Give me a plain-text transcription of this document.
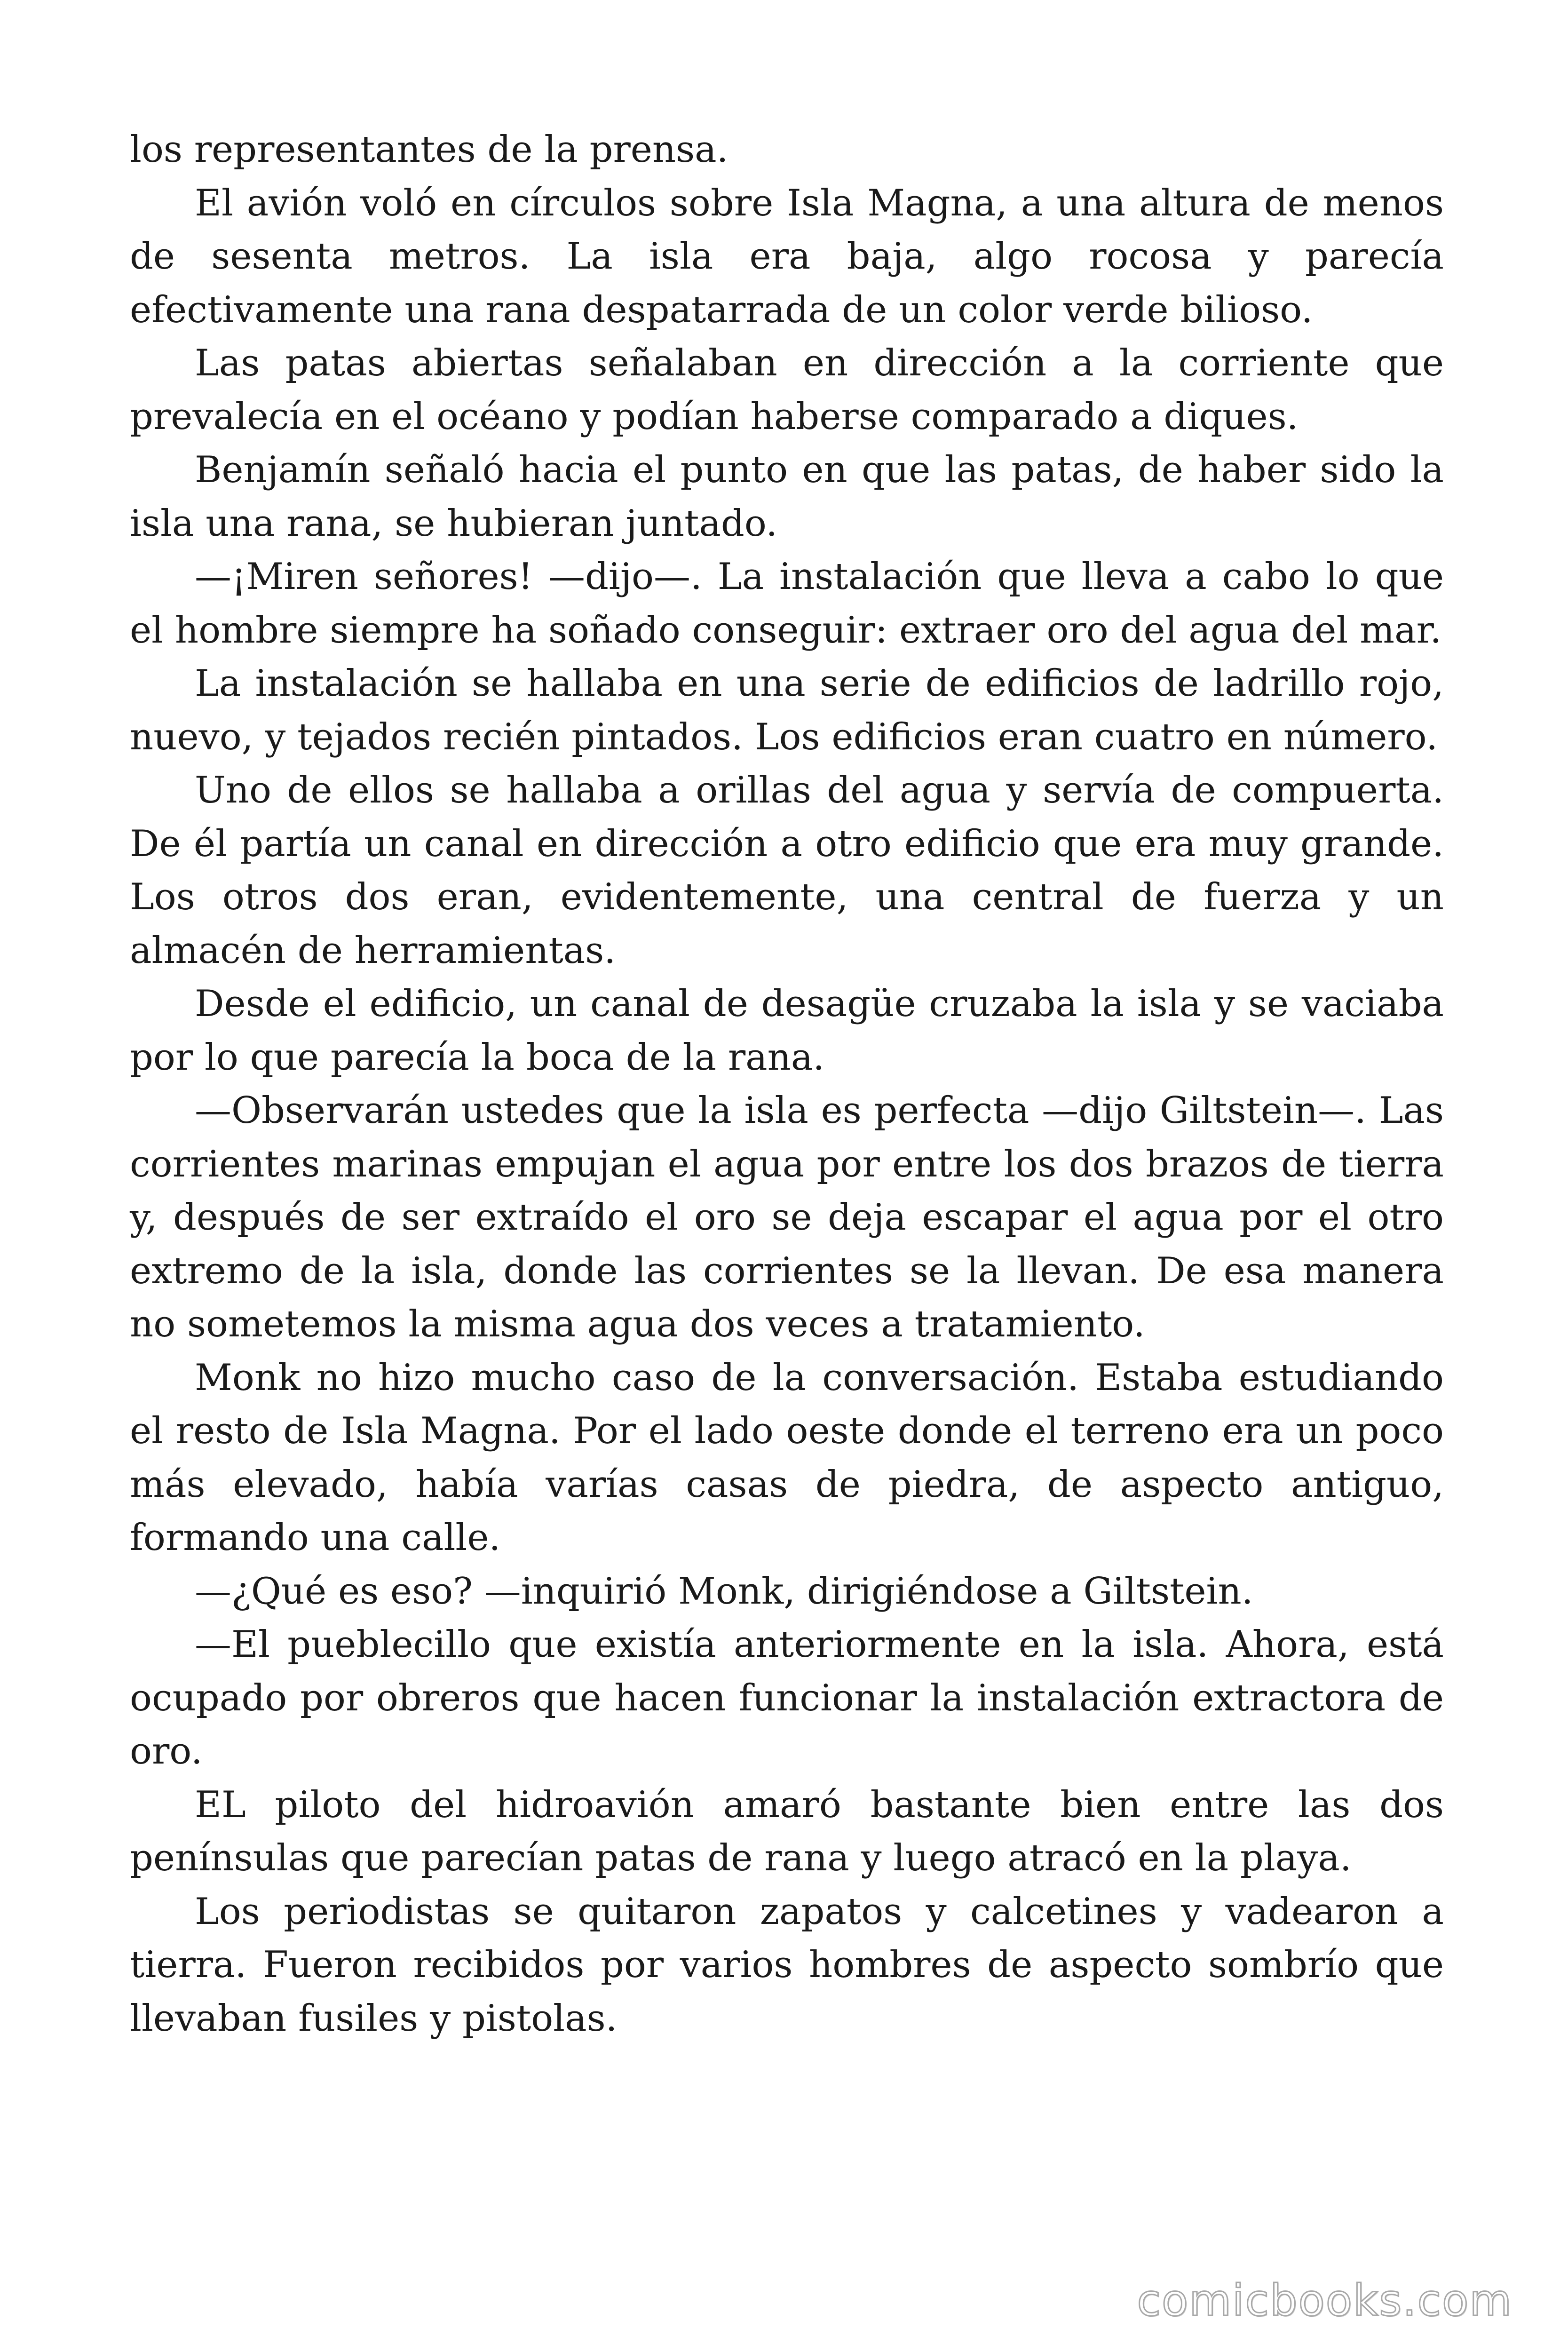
los representantes de la prensa.

El avión voló en círculos sobre Isla Magna, a una altura de menos de sesenta metros. La isla era baja, algo rocosa y parecía efectivamente una rana despatarrada de un color verde bilioso.

Las patas abiertas señalaban en dirección a la corriente que prevalecía en el océano y podían haberse comparado a diques.

Benjamín señaló hacia el punto en que las patas, de haber sido la isla una rana, se hubieran juntado.

—¡Miren señores! —dijo—. La instalación que lleva a cabo lo que el hombre siempre ha soñado conseguir: extraer oro del agua del mar.

La instalación se hallaba en una serie de edificios de ladrillo rojo, nuevo, y tejados recién pintados. Los edificios eran cuatro en número.

Uno de ellos se hallaba a orillas del agua y servía de compuerta. De él partía un canal en dirección a otro edificio que era muy grande. Los otros dos eran, evidentemente, una central de fuerza y un almacén de herramientas.

Desde el edificio, un canal de desagüe cruzaba la isla y se vaciaba por lo que parecía la boca de la rana.

—Observarán ustedes que la isla es perfecta —dijo Giltstein—. Las corrientes marinas empujan el agua por entre los dos brazos de tierra y, después de ser extraído el oro se deja escapar el agua por el otro extremo de la isla, donde las corrientes se la llevan. De esa manera no sometemos la misma agua dos veces a tratamiento.

Monk no hizo mucho caso de la conversación. Estaba estudiando el resto de Isla Magna. Por el lado oeste donde el terreno era un poco más elevado, había varías casas de piedra, de aspecto antiguo, formando una calle.

—¿Qué es eso? —inquirió Monk, dirigiéndose a Giltstein.

—El pueblecillo que existía anteriormente en la isla. Ahora, está ocupado por obreros que hacen funcionar la instalación extractora de oro.

EL piloto del hidroavión amaró bastante bien entre las dos penínsulas que parecían patas de rana y luego atracó en la playa.

Los periodistas se quitaron zapatos y calcetines y vadearon a tierra. Fueron recibidos por varios hombres de aspecto sombrío que llevaban fusiles y pistolas.

comicbooks.com
